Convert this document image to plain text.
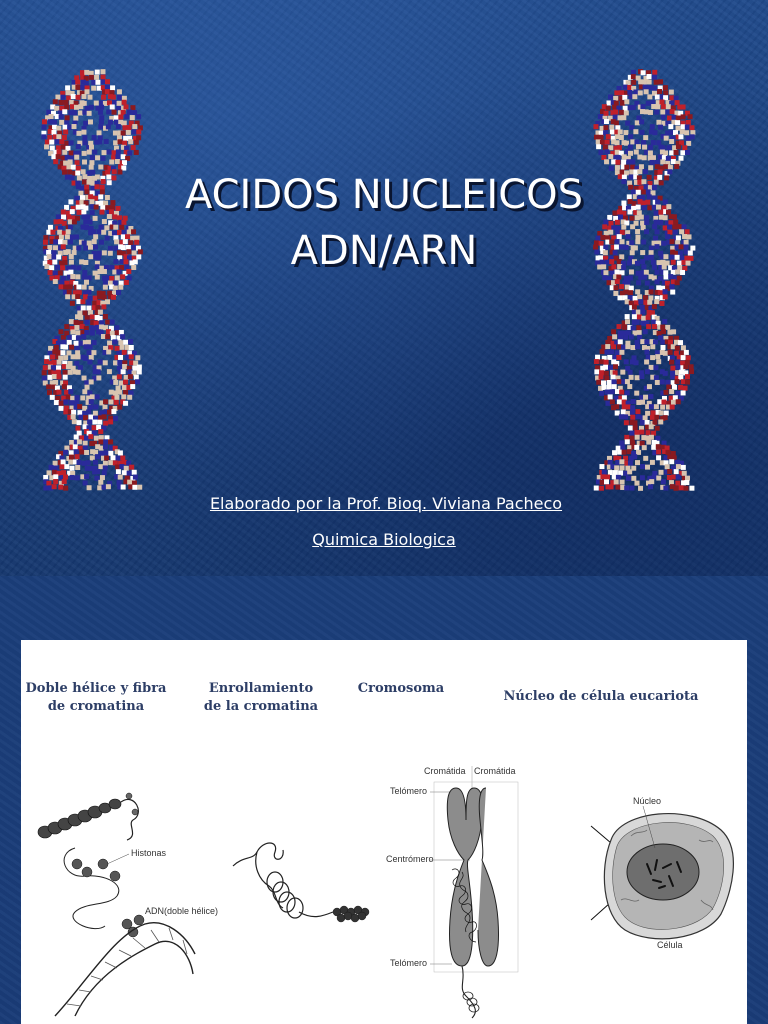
ACIDOS NUCLEICOS
ADN/ARN
Elaborado por la Prof. Bioq. Viviana Pacheco
Quimica Biologica
Doble hélice y fibra
de cromatina
Enrollamiento
de la cromatina
Cromosoma
Núcleo de célula eucariota
Histonas
ADN(doble hélice)
Cromátida Cromátida
Telómero
Centrómero
Telómero
Núcleo
Célula
